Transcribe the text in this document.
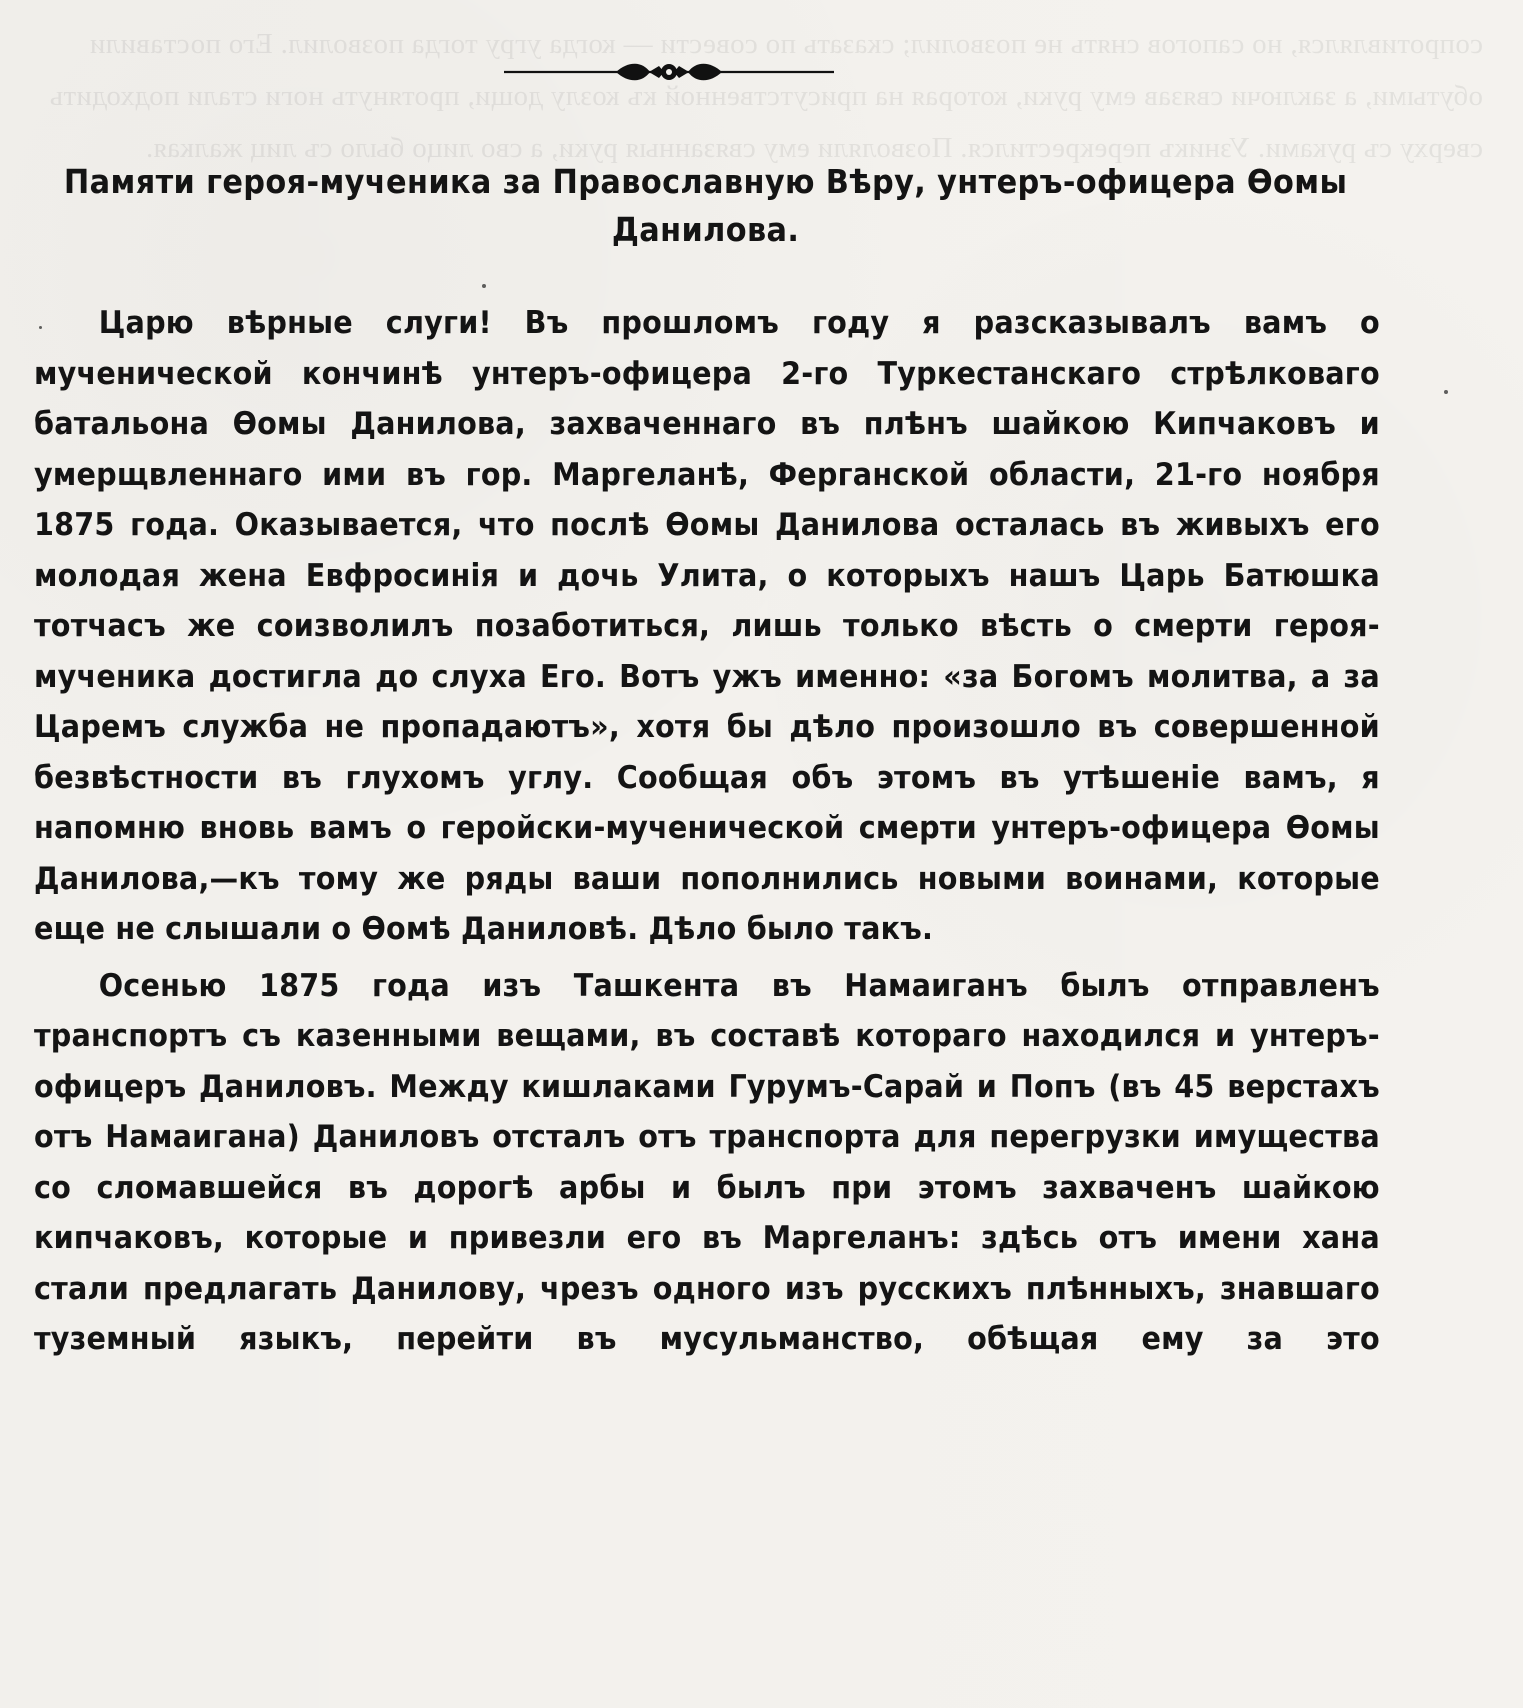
сопротивлялся, но сапогов снять не позволил; сказать по совести — когда угру тогда позволил. Его поставили обутыми, а заключи связав ему руки, которая на присутственной къ козлу дощи, протянуть ноги стали подходить сверху съ руками. Узникъ перекрестился. Позволяли ему связанныя руки, а сво лицо было съ лиц жалкая.
Памяти героя-мученика за Православную Вѣру, унтеръ-офицера Ѳомы Данилова.

Царю вѣрные слуги! Въ прошломъ году я разсказывалъ вамъ о мученической кончинѣ унтеръ-офицера 2-го Туркестанскаго стрѣлковаго батальона Ѳомы Данилова, захваченнаго въ плѣнъ шайкою Кипчаковъ и умерщвленнаго ими въ гор. Маргеланѣ, Ферганской области, 21-го ноября 1875 года. Оказывается, что послѣ Ѳомы Данилова осталась въ живыхъ его молодая жена Евфросинія и дочь Улита, о которыхъ нашъ Царь Батюшка тотчасъ же соизволилъ позаботиться, лишь только вѣсть о смерти героя-мученика достигла до слуха Его. Вотъ ужъ именно: «за Богомъ молитва, а за Царемъ служба не пропадаютъ», хотя бы дѣло произошло въ совершенной безвѣстности въ глухомъ углу. Сообщая объ этомъ въ утѣшеніе вамъ, я напомню вновь вамъ о геройски-мученической смерти унтеръ-офицера Ѳомы Данилова,—къ тому же ряды ваши пополнились новыми воинами, которые еще не слышали о Ѳомѣ Даниловѣ. Дѣло было такъ.

Осенью 1875 года изъ Ташкента въ Намаиганъ былъ отправленъ транспортъ съ казенными вещами, въ составѣ котораго находился и унтеръ-офицеръ Даниловъ. Между кишлаками Гурумъ-Сарай и Попъ (въ 45 верстахъ отъ Намаигана) Даниловъ отсталъ отъ транспорта для перегрузки имущества со сломавшейся въ дорогѣ арбы и былъ при этомъ захваченъ шайкою кипчаковъ, которые и привезли его въ Маргеланъ: здѣсь отъ имени хана стали предлагать Данилову, чрезъ одного изъ русскихъ плѣнныхъ, знавшаго туземный языкъ, перейти въ мусульманство, обѣщая ему за это
